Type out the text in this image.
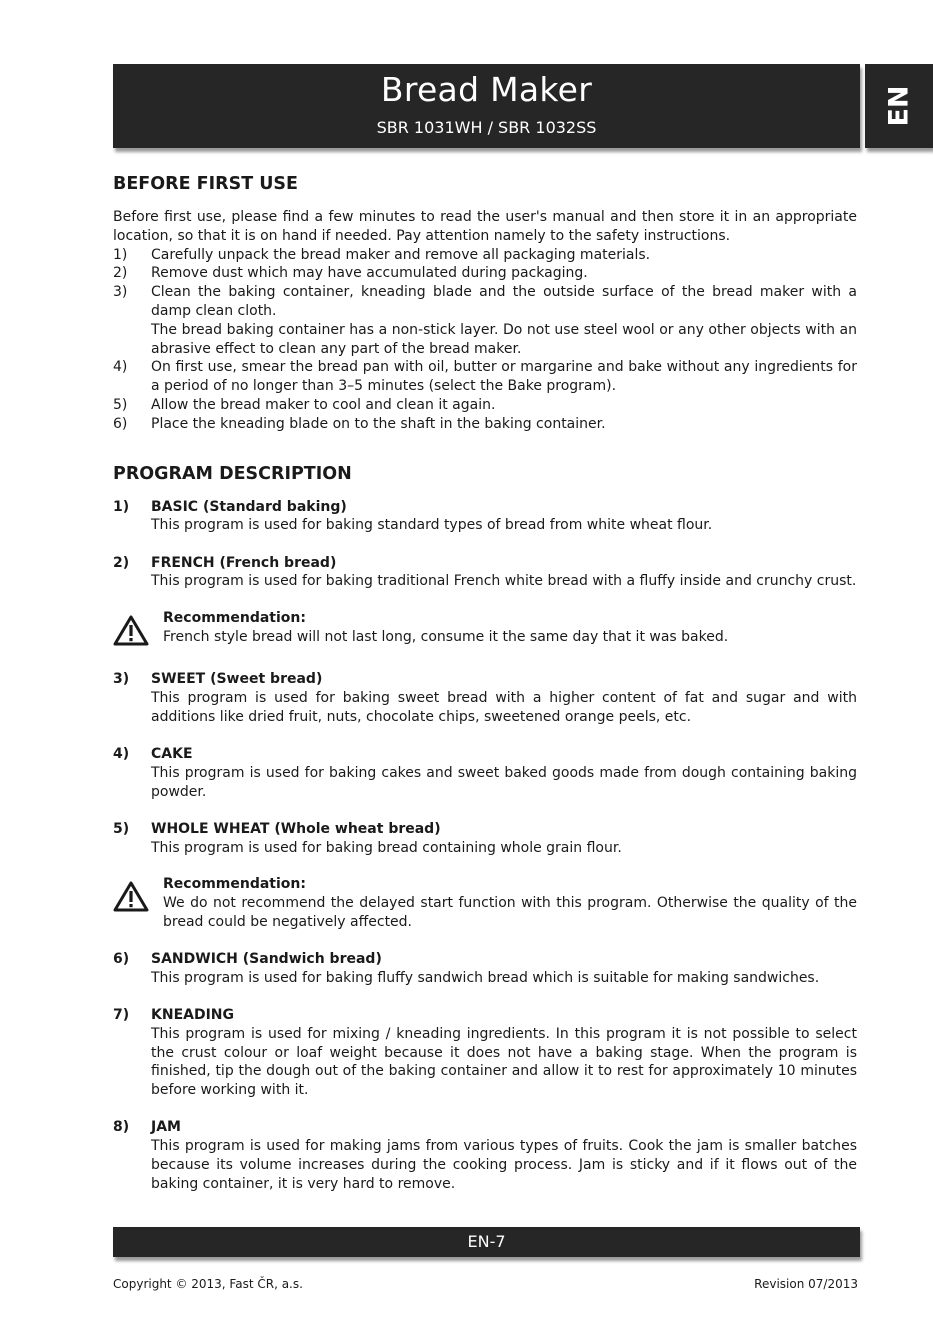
Bread Maker
SBR 1031WH / SBR 1032SS
EN
BEFORE FIRST USE

Before first use, please find a few minutes to read the user's manual and then store it in an appropriate location, so that it is on hand if needed. Pay attention namely to the safety instructions.

1)	Carefully unpack the bread maker and remove all packaging materials.
2)	Remove dust which may have accumulated during packaging.
3)	Clean the baking container, kneading blade and the outside surface of the bread maker with a damp clean cloth.
The bread baking container has a non-stick layer. Do not use steel wool or any other objects with an abrasive effect to clean any part of the bread maker.
4)	On first use, smear the bread pan with oil, butter or margarine and bake without any ingredients for a period of no longer than 3–5 minutes (select the Bake program).
5)	Allow the bread maker to cool and clean it again.
6)	Place the kneading blade on to the shaft in the baking container.
PROGRAM DESCRIPTION
1)	BASIC (Standard baking)
This program is used for baking standard types of bread from white wheat flour.
2)	FRENCH (French bread)
This program is used for baking traditional French white bread with a fluffy inside and crunchy crust.
Recommendation:
French style bread will not last long, consume it the same day that it was baked.
3)	SWEET (Sweet bread)
This program is used for baking sweet bread with a higher content of fat and sugar and with additions like dried fruit, nuts, chocolate chips, sweetened orange peels, etc.
4)	CAKE
This program is used for baking cakes and sweet baked goods made from dough containing baking powder.
5)	WHOLE WHEAT (Whole wheat bread)
This program is used for baking bread containing whole grain flour.
Recommendation:
We do not recommend the delayed start function with this program. Otherwise the quality of the bread could be negatively affected.
6)	SANDWICH (Sandwich bread)
This program is used for baking fluffy sandwich bread which is suitable for making sandwiches.
7)	KNEADING
This program is used for mixing / kneading ingredients. In this program it is not possible to select the crust colour or loaf weight because it does not have a baking stage. When the program is finished, tip the dough out of the baking container and allow it to rest for approximately 10 minutes before working with it.
8)	JAM
This program is used for making jams from various types of fruits. Cook the jam is smaller batches because its volume increases during the cooking process. Jam is sticky and if it flows out of the baking container, it is very hard to remove.
EN-7
Copyright © 2013, Fast ČR, a.s.	Revision 07/2013
